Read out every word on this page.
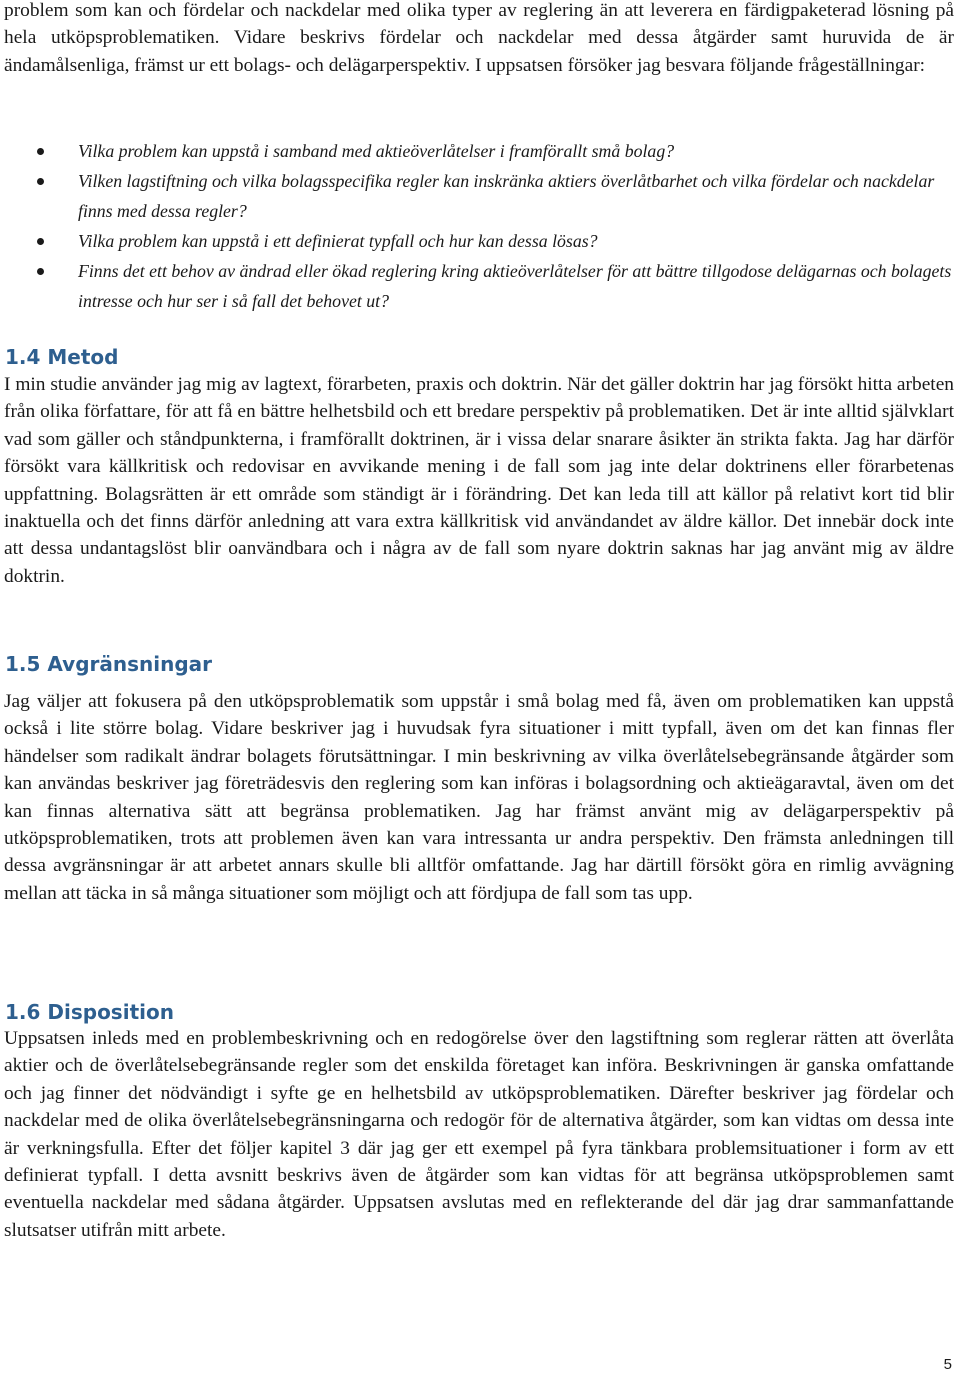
problem som kan och fördelar och nackdelar med olika typer av reglering än att leverera en färdigpaketerad lösning på hela utköpsproblematiken. Vidare beskrivs fördelar och nackdelar med dessa åtgärder samt huruvida de är ändamålsenliga, främst ur ett bolags- och delägarperspektiv. I uppsatsen försöker jag besvara följande frågeställningar:

Vilka problem kan uppstå i samband med aktieöverlåtelser i framförallt små bolag?
Vilken lagstiftning och vilka bolagsspecifika regler kan inskränka aktiers överlåtbarhet och vilka fördelar och nackdelar finns med dessa regler?
Vilka problem kan uppstå i ett definierat typfall och hur kan dessa lösas?
Finns det ett behov av ändrad eller ökad reglering kring aktieöverlåtelser för att bättre tillgodose delägarnas och bolagets intresse och hur ser i så fall det behovet ut?
1.4 Metod

I min studie använder jag mig av lagtext, förarbeten, praxis och doktrin. När det gäller doktrin har jag försökt hitta arbeten från olika författare, för att få en bättre helhetsbild och ett bredare perspektiv på problematiken. Det är inte alltid självklart vad som gäller och ståndpunkterna, i framförallt doktrinen, är i vissa delar snarare åsikter än strikta fakta. Jag har därför försökt vara källkritisk och redovisar en avvikande mening i de fall som jag inte delar doktrinens eller förarbetenas uppfattning. Bolagsrätten är ett område som ständigt är i förändring. Det kan leda till att källor på relativt kort tid blir inaktuella och det finns därför anledning att vara extra källkritisk vid användandet av äldre källor. Det innebär dock inte att dessa undantagslöst blir oanvändbara och i några av de fall som nyare doktrin saknas har jag använt mig av äldre doktrin.

1.5 Avgränsningar

Jag väljer att fokusera på den utköpsproblematik som uppstår i små bolag med få, även om problematiken kan uppstå också i lite större bolag. Vidare beskriver jag i huvudsak fyra situationer i mitt typfall, även om det kan finnas fler händelser som radikalt ändrar bolagets förutsättningar. I min beskrivning av vilka överlåtelsebegränsande åtgärder som kan användas beskriver jag företrädesvis den reglering som kan införas i bolagsordning och aktieägaravtal, även om det kan finnas alternativa sätt att begränsa problematiken. Jag har främst använt mig av delägarperspektiv på utköpsproblematiken, trots att problemen även kan vara intressanta ur andra perspektiv. Den främsta anledningen till dessa avgränsningar är att arbetet annars skulle bli alltför omfattande. Jag har därtill försökt göra en rimlig avvägning mellan att täcka in så många situationer som möjligt och att fördjupa de fall som tas upp.

1.6 Disposition

Uppsatsen inleds med en problembeskrivning och en redogörelse över den lagstiftning som reglerar rätten att överlåta aktier och de överlåtelsebegränsande regler som det enskilda företaget kan införa. Beskrivningen är ganska omfattande och jag finner det nödvändigt i syfte ge en helhetsbild av utköpsproblematiken. Därefter beskriver jag fördelar och nackdelar med de olika överlåtelsebegränsningarna och redogör för de alternativa åtgärder, som kan vidtas om dessa inte är verkningsfulla. Efter det följer kapitel 3 där jag ger ett exempel på fyra tänkbara problemsituationer i form av ett definierat typfall. I detta avsnitt beskrivs även de åtgärder som kan vidtas för att begränsa utköpsproblemen samt eventuella nackdelar med sådana åtgärder. Uppsatsen avslutas med en reflekterande del där jag drar sammanfattande slutsatser utifrån mitt arbete.

5
